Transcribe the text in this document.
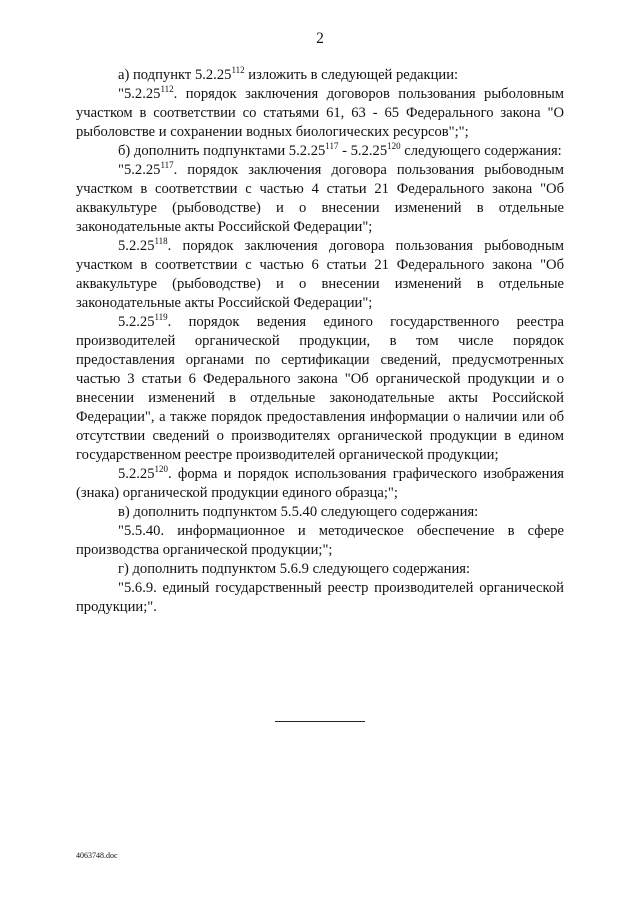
2

а) подпункт 5.2.25$^{112}$ изложить в следующей редакции:

"5.2.25$^{112}$. порядок заключения договоров пользования рыболовным участком в соответствии со статьями 61, 63 - 65 Федерального закона "О рыболовстве и сохранении водных биологических ресурсов";";

б) дополнить подпунктами 5.2.25$^{117}$ - 5.2.25$^{120}$ следующего содержания:

"5.2.25$^{117}$. порядок заключения договора пользования рыбоводным участком в соответствии с частью 4 статьи 21 Федерального закона "Об аквакультуре (рыбоводстве) и о внесении изменений в отдельные законодательные акты Российской Федерации";

5.2.25$^{118}$. порядок заключения договора пользования рыбоводным участком в соответствии с частью 6 статьи 21 Федерального закона "Об аквакультуре (рыбоводстве) и о внесении изменений в отдельные законодательные акты Российской Федерации";

5.2.25$^{119}$. порядок ведения единого государственного реестра производителей органической продукции, в том числе порядок предоставления органами по сертификации сведений, предусмотренных частью 3 статьи 6 Федерального закона "Об органической продукции и о внесении изменений в отдельные законодательные акты Российской Федерации", а также порядок предоставления информации о наличии или об отсутствии сведений о производителях органической продукции в едином государственном реестре производителей органической продукции;

5.2.25$^{120}$. форма и порядок использования графического изображения (знака) органической продукции единого образца;";

в) дополнить подпунктом 5.5.40 следующего содержания:

"5.5.40. информационное и методическое обеспечение в сфере производства органической продукции;";

г) дополнить подпунктом 5.6.9 следующего содержания:

"5.6.9. единый государственный реестр производителей органической продукции;".

4063748.doc
